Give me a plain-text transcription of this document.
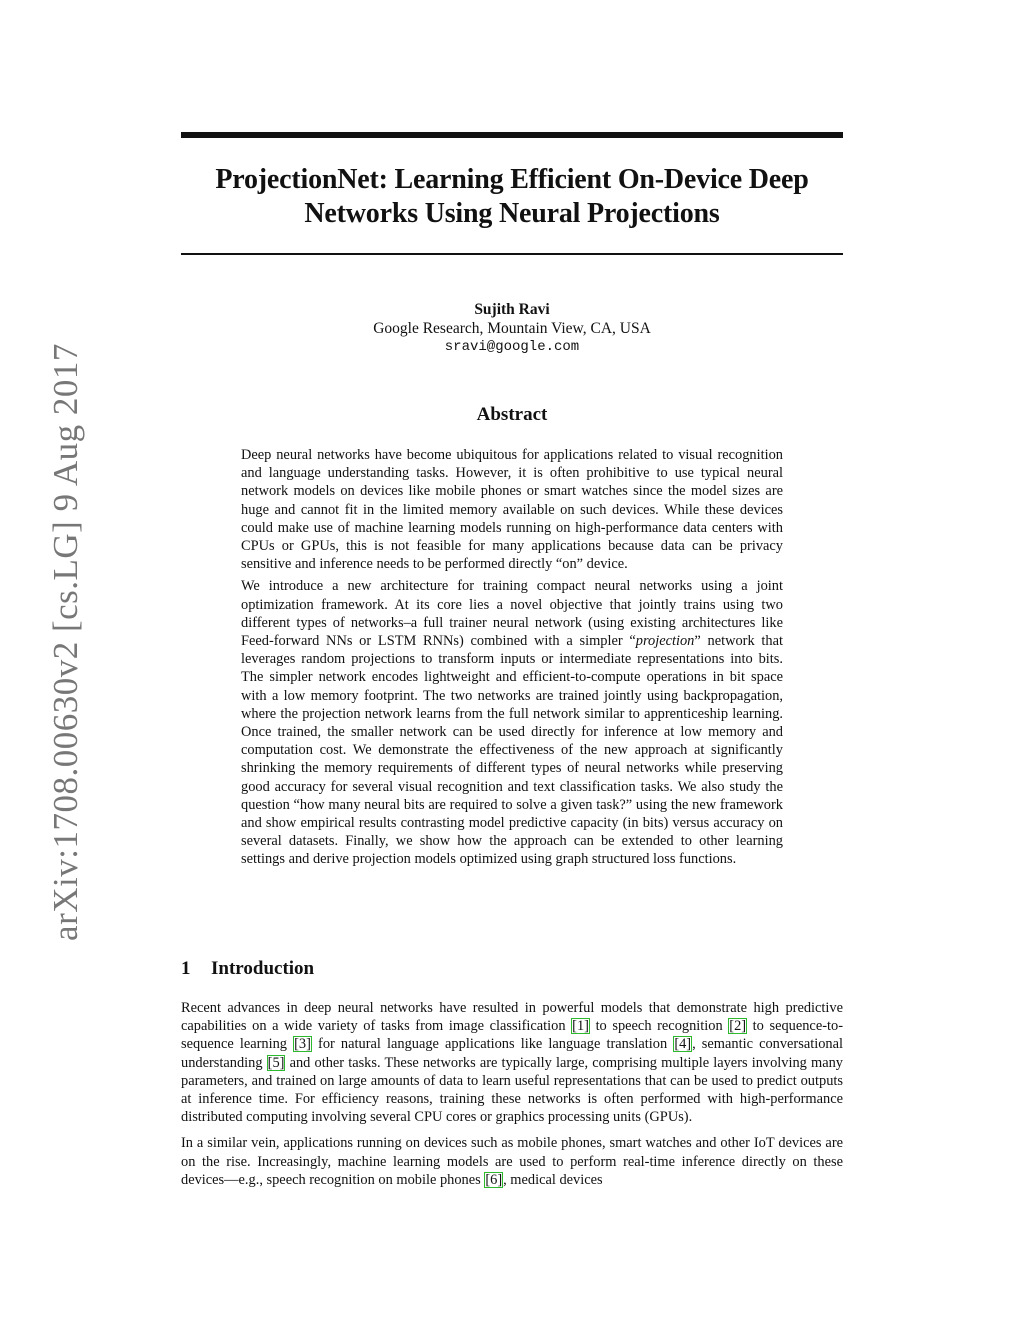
arXiv:1708.00630v2 [cs.LG] 9 Aug 2017
ProjectionNet: Learning Efficient On-Device Deep
Networks Using Neural Projections
Sujith Ravi
Google Research, Mountain View, CA, USA
sravi@google.com
Abstract

Deep neural networks have become ubiquitous for applications related to visual recognition and language understanding tasks. However, it is often prohibitive to use typical neural network models on devices like mobile phones or smart watches since the model sizes are huge and cannot fit in the limited memory available on such devices. While these devices could make use of machine learning models running on high-performance data centers with CPUs or GPUs, this is not feasible for many applications because data can be privacy sensitive and inference needs to be performed directly “on” device.

We introduce a new architecture for training compact neural networks using a joint optimization framework. At its core lies a novel objective that jointly trains using two different types of networks–a full trainer neural network (using existing architectures like Feed-forward NNs or LSTM RNNs) combined with a simpler “projection” network that leverages random projections to transform inputs or intermediate representations into bits. The simpler network encodes lightweight and efficient-to-compute operations in bit space with a low memory footprint. The two networks are trained jointly using backpropagation, where the projection network learns from the full network similar to apprenticeship learning. Once trained, the smaller network can be used directly for inference at low memory and computation cost. We demonstrate the effectiveness of the new approach at significantly shrinking the memory requirements of different types of neural networks while preserving good accuracy for several visual recognition and text classification tasks. We also study the question “how many neural bits are required to solve a given task?” using the new framework and show empirical results contrasting model predictive capacity (in bits) versus accuracy on several datasets. Finally, we show how the approach can be extended to other learning settings and derive projection models optimized using graph structured loss functions.

1 Introduction

Recent advances in deep neural networks have resulted in powerful models that demonstrate high predictive capabilities on a wide variety of tasks from image classification [1] to speech recognition [2] to sequence-to-sequence learning [3] for natural language applications like language translation [4], semantic conversational understanding [5] and other tasks. These networks are typically large, comprising multiple layers involving many parameters, and trained on large amounts of data to learn useful representations that can be used to predict outputs at inference time. For efficiency reasons, training these networks is often performed with high-performance distributed computing involving several CPU cores or graphics processing units (GPUs).

In a similar vein, applications running on devices such as mobile phones, smart watches and other IoT devices are on the rise. Increasingly, machine learning models are used to perform real-time inference directly on these devices—e.g., speech recognition on mobile phones [6], medical devices
